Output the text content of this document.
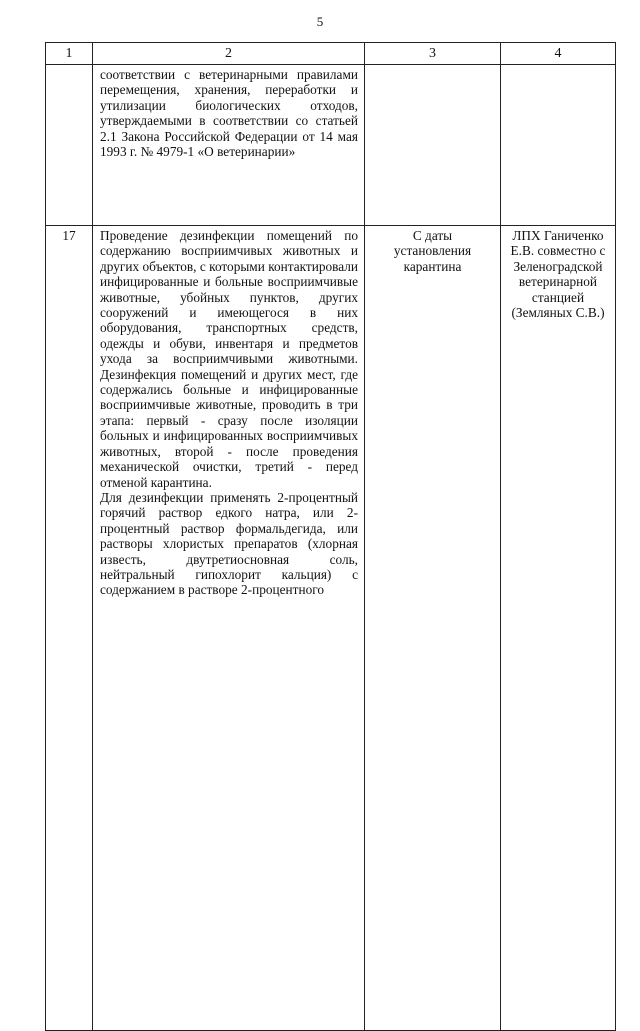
5
1	2	3	4
	соответствии с ветеринарными правилами перемещения, хранения, переработки и утилизации биологических отходов, утверждаемыми в соответствии со статьей 2.1 Закона Российской Федерации от 14 мая 1993 г. № 4979-1 «О ветеринарии»		
17	Проведение дезинфекции помещений по содержанию восприимчивых животных и других объектов, с которыми контактировали инфицированные и больные восприимчивые животные, убойных пунктов, других сооружений и имеющегося в них оборудования, транспортных средств, одежды и обуви, инвентаря и предметов ухода за восприимчивыми животными. Дезинфекция помещений и других мест, где содержались больные и инфицированные восприимчивые животные, проводить в три этапа: первый - сразу после изоляции больных и инфицированных восприимчивых животных, второй - после проведения механической очистки, третий - перед отменой карантина.
Для дезинфекции применять 2-процентный горячий раствор едкого натра, или 2-процентный раствор формальдегида, или растворы хлористых препаратов (хлорная известь, двутретиосновная соль, нейтральный гипохлорит кальция) с содержанием в растворе 2-процентного	С даты установления карантина	ЛПХ Ганиченко Е.В. совместно с Зеленоградской ветеринарной станцией (Земляных С.В.)
